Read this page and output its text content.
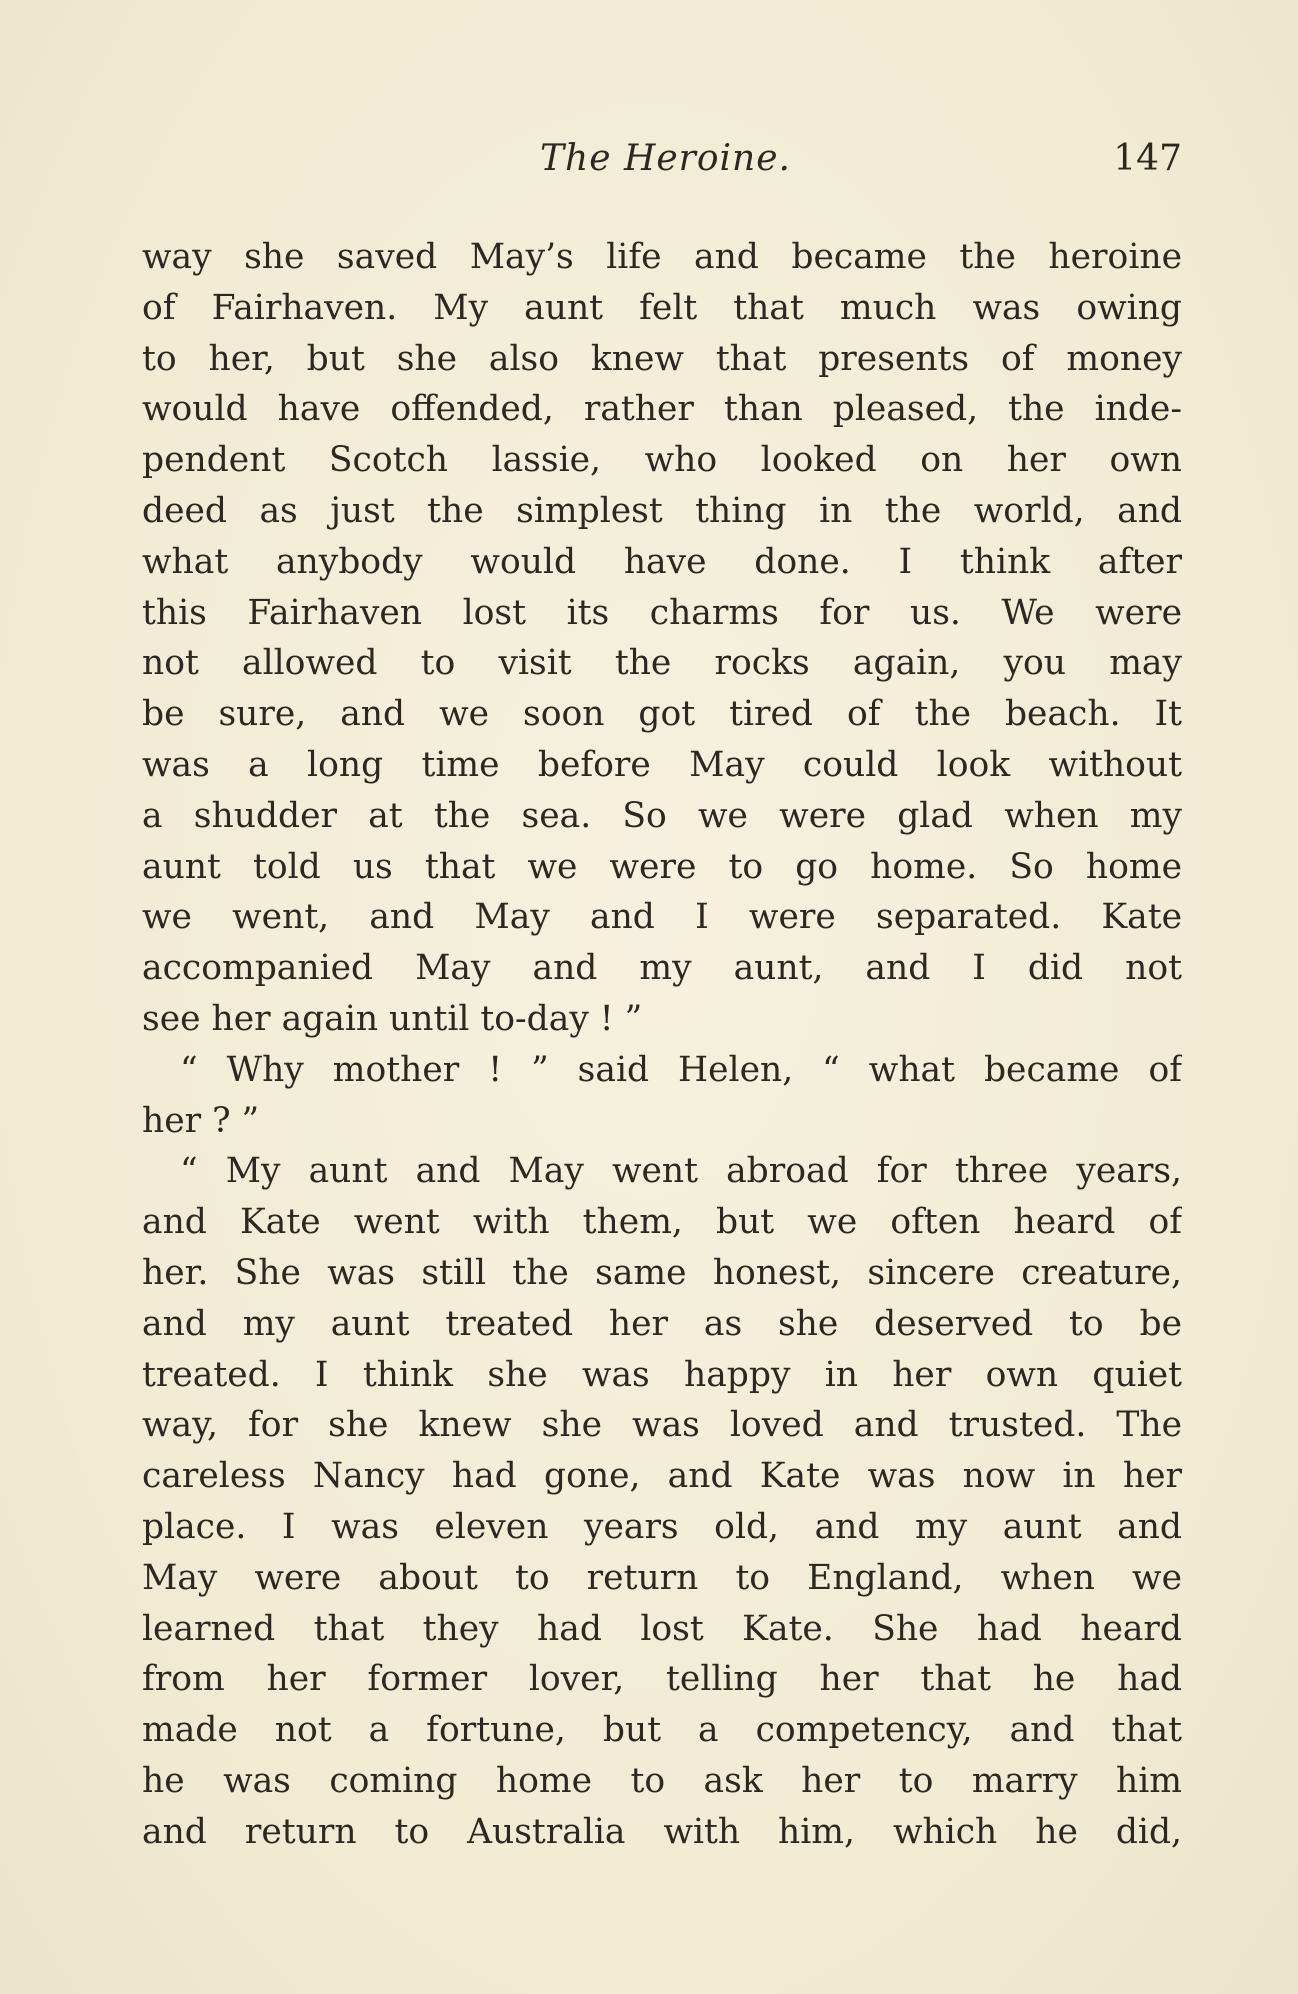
The Heroine.	147
way she saved May’s life and became the heroine
of Fairhaven. My aunt felt that much was owing
to her, but she also knew that presents of money
would have offended, rather than pleased, the inde-
pendent Scotch lassie, who looked on her own
deed as just the simplest thing in the world, and
what anybody would have done. I think after
this Fairhaven lost its charms for us. We were
not allowed to visit the rocks again, you may
be sure, and we soon got tired of the beach. It
was a long time before May could look without
a shudder at the sea. So we were glad when my
aunt told us that we were to go home. So home
we went, and May and I were separated. Kate
accompanied May and my aunt, and I did not
see her again until to-day ! ”
“ Why mother ! ” said Helen, “ what became of
her ? ”
“ My aunt and May went abroad for three years,
and Kate went with them, but we often heard of
her. She was still the same honest, sincere creature,
and my aunt treated her as she deserved to be
treated. I think she was happy in her own quiet
way, for she knew she was loved and trusted. The
careless Nancy had gone, and Kate was now in her
place. I was eleven years old, and my aunt and
May were about to return to England, when we
learned that they had lost Kate. She had heard
from her former lover, telling her that he had
made not a fortune, but a competency, and that
he was coming home to ask her to marry him
and return to Australia with him, which he did,
